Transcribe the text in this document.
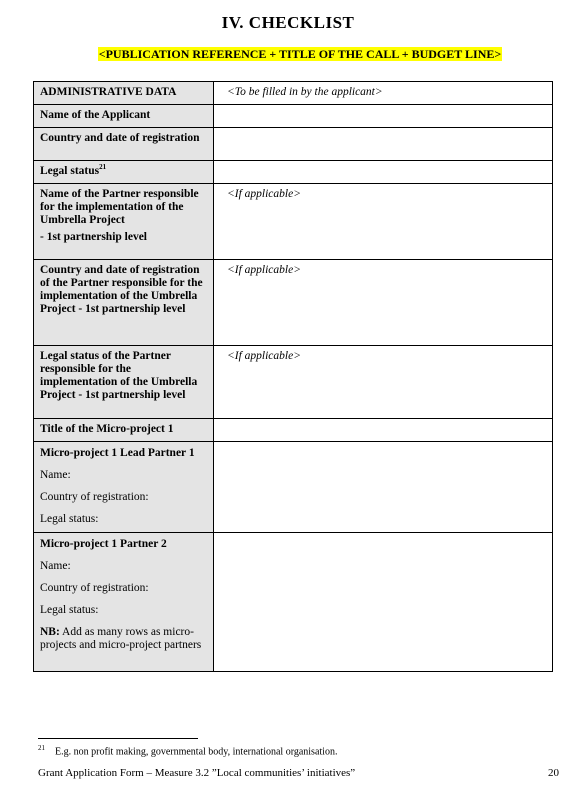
IV. CHECKLIST
<PUBLICATION REFERENCE + TITLE OF THE CALL + BUDGET LINE>
ADMINISTRATIVE DATA	<To be filled in by the applicant>
Name of the Applicant	
Country and date of registration	
Legal status$^{21}$	

Name of the Partner responsible for the implementation of the Umbrella Project
- 1st partnership level	<If applicable>
Country and date of registration of the Partner responsible for the implementation of the Umbrella Project - 1st partnership level	<If applicable>
Legal status of the Partner responsible for the implementation of the Umbrella Project - 1st partnership level	<If applicable>
Title of the Micro-project 1	

Micro-project 1 Lead Partner 1
Name:
Country of registration:
Legal status:	

Micro-project 1 Partner 2
Name:
Country of registration:
Legal status:
NB: Add as many rows as micro-projects and micro-project partners	

$^{21}$ E.g. non profit making, governmental body, international organisation.
Grant Application Form – Measure 3.2 ”Local communities’ initiatives”	20
